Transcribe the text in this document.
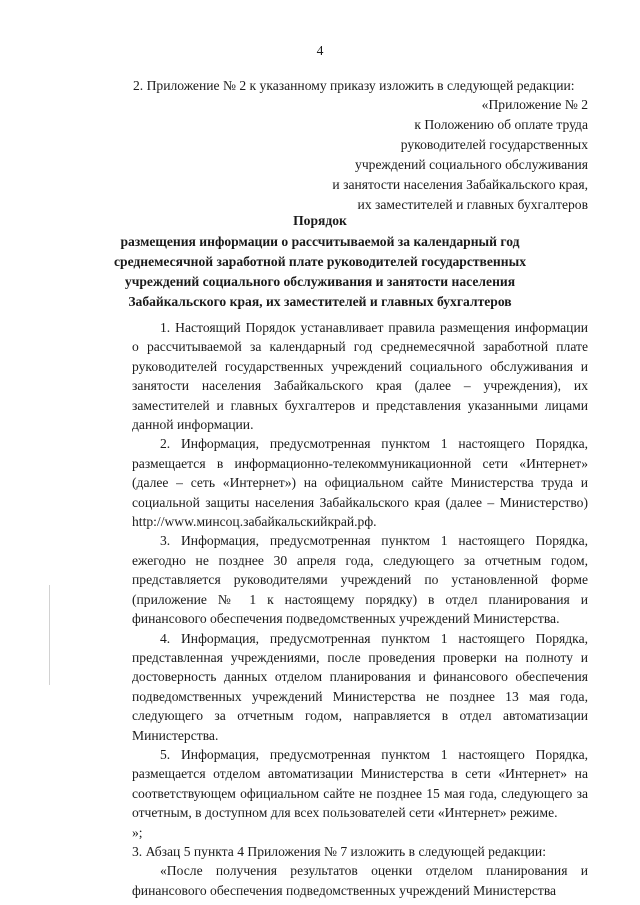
4
2. Приложение № 2 к указанному приказу изложить в следующей редакции:
«Приложение № 2
к Положению об оплате труда
руководителей государственных
учреждений социального обслуживания
и занятости населения Забайкальского края,
их заместителей и главных бухгалтеров
Порядок
размещения информации о рассчитываемой за календарный год
среднемесячной заработной плате руководителей государственных
учреждений социального обслуживания и занятости населения
Забайкальского края, их заместителей и главных бухгалтеров

1. Настоящий Порядок устанавливает правила размещения информации о рассчитываемой за календарный год среднемесячной заработной плате руководителей государственных учреждений социального обслуживания и занятости населения Забайкальского края (далее – учреждения), их заместителей и главных бухгалтеров и представления указанными лицами данной информации.

2. Информация, предусмотренная пунктом 1 настоящего Порядка, размещается в информационно-телекоммуникационной сети «Интернет» (далее – сеть «Интернет») на официальном сайте Министерства труда и социальной защиты населения Забайкальского края (далее – Министерство) http://www.минсоц.забайкальскийкрай.рф.

3. Информация, предусмотренная пунктом 1 настоящего Порядка, ежегодно не позднее 30 апреля года, следующего за отчетным годом, представляется руководителями учреждений по установленной форме (приложение № 1 к настоящему порядку) в отдел планирования и финансового обеспечения подведомственных учреждений Министерства.

4. Информация, предусмотренная пунктом 1 настоящего Порядка, представленная учреждениями, после проведения проверки на полноту и достоверность данных отделом планирования и финансового обеспечения подведомственных учреждений Министерства не позднее 13 мая года, следующего за отчетным годом, направляется в отдел автоматизации Министерства.

5. Информация, предусмотренная пунктом 1 настоящего Порядка, размещается отделом автоматизации Министерства в сети «Интернет» на соответствующем официальном сайте не позднее 15 мая года, следующего за отчетным, в доступном для всех пользователей сети «Интернет» режиме.

»;

3. Абзац 5 пункта 4 Приложения № 7 изложить в следующей редакции:

«После получения результатов оценки отделом планирования и финансового обеспечения подведомственных учреждений Министерства
